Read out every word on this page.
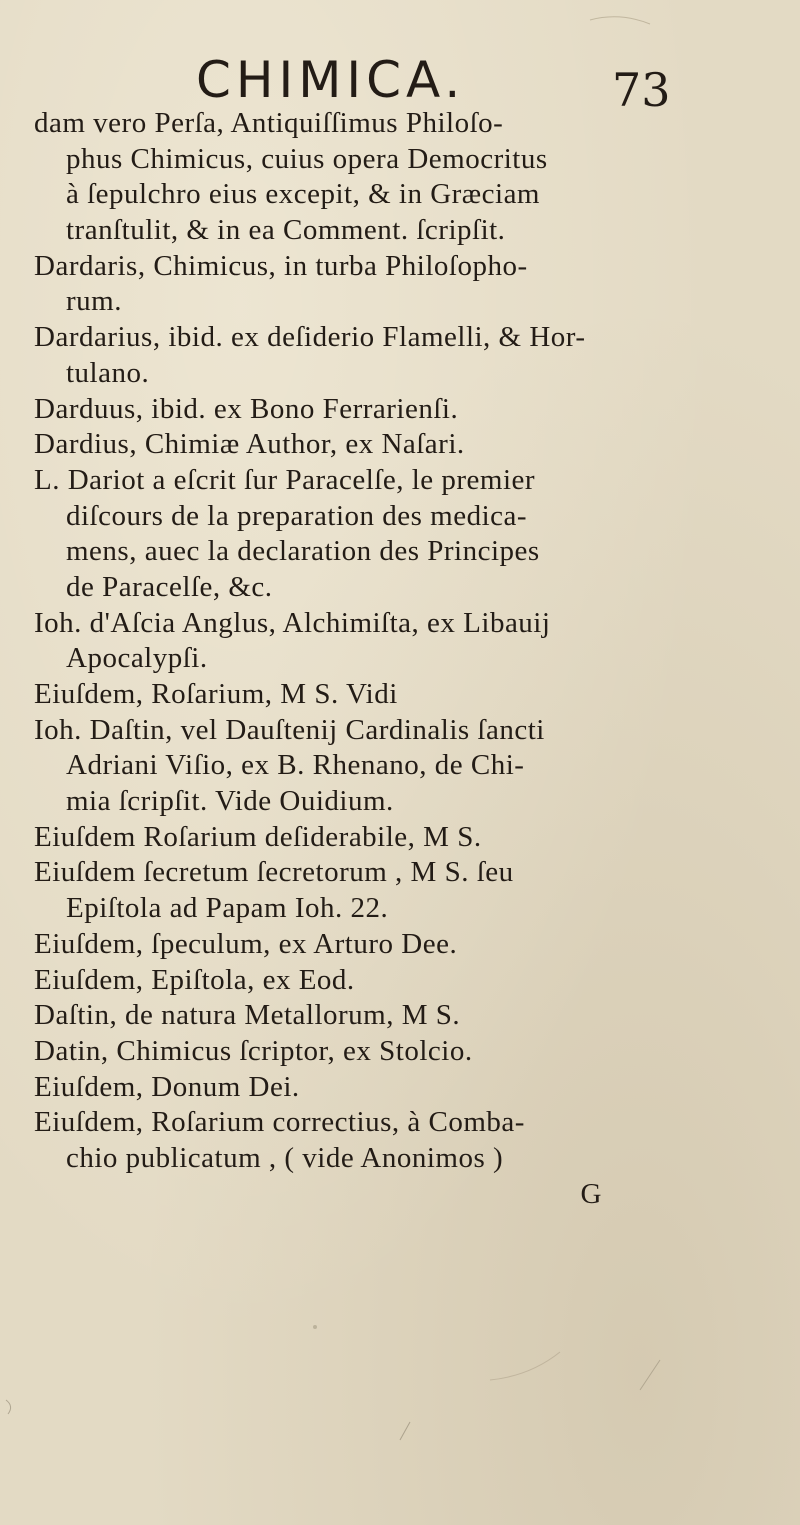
CHIMICA.	73
dam vero Perſa, Antiquiſſimus Philoſo-
phus Chimicus, cuius opera Democritus
à ſepulchro eius excepit, & in Græciam
tranſtulit, & in ea Comment. ſcripſit.
Dardaris, Chimicus, in turba Philoſopho-
rum.
Dardarius, ibid. ex deſiderio Flamelli, & Hor-
tulano.
Darduus, ibid. ex Bono Ferrarienſi.
Dardius, Chimiæ Author, ex Naſari.
L. Dariot a eſcrit ſur Paracelſe, le premier
diſcours de la preparation des medica-
mens, auec la declaration des Principes
de Paracelſe, &c.
Ioh. d'Aſcia Anglus, Alchimiſta, ex Libauij
Apocalypſi.
Eiuſdem, Roſarium, M S. Vidi
Ioh. Daſtin, vel Dauſtenij Cardinalis ſancti
Adriani Viſio, ex B. Rhenano, de Chi-
mia ſcripſit. Vide Ouidium.
Eiuſdem Roſarium deſiderabile, M S.
Eiuſdem ſecretum ſecretorum , M S. ſeu
Epiſtola ad Papam Ioh. 22.
Eiuſdem, ſpeculum, ex Arturo Dee.
Eiuſdem, Epiſtola, ex Eod.
Daſtin, de natura Metallorum, M S.
Datin, Chimicus ſcriptor, ex Stolcio.
Eiuſdem, Donum Dei.
Eiuſdem, Roſarium correctius, à Comba-
chio publicatum , ( vide Anonimos )
G
